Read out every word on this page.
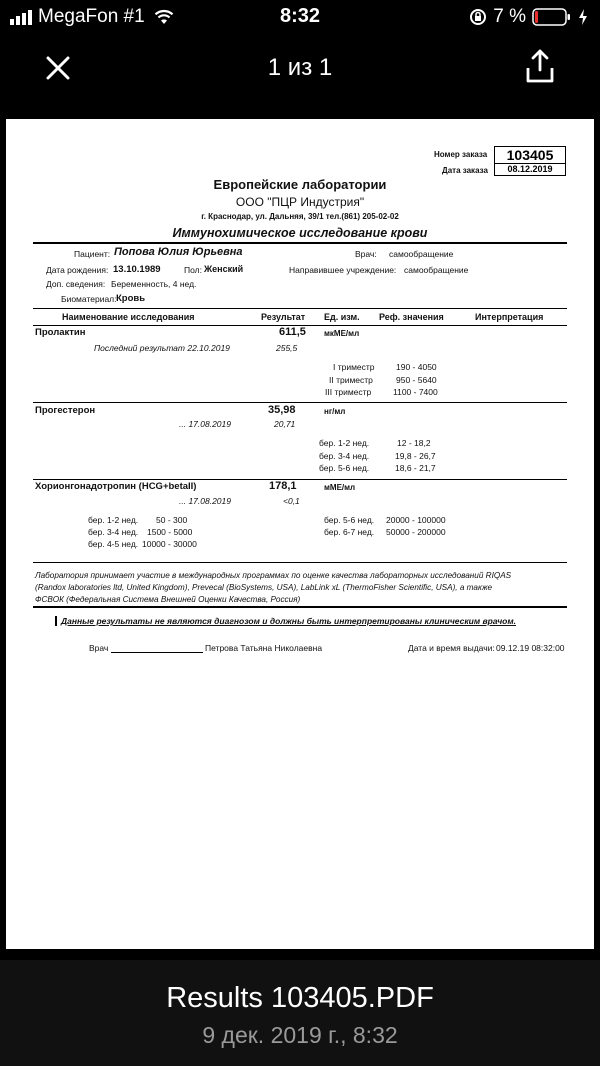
MegaFon #1	8:32	7 %
1 из 1
Номер заказа	103405
Дата заказа	08.12.2019
Европейские лаборатории
ООО "ПЦР Индустрия"
г. Краснодар, ул. Дальняя, 39/1 тел.(861) 205-02-02
Иммунохимическое исследование крови
Пациент: Попова Юлия Юрьевна	Врач: самообращение
Дата рождения: 13.10.1989	Пол: Женский	Направившее учреждение: самообращение
Доп. сведения: Беременность, 4 нед.
Биоматериал: Кровь
Наименование исследования	Результат Ед. изм. Реф. значения	Интерпретация
Пролактин	611,5 мкМЕ/мл
Последний результат 22.10.2019	255,5
I триместр	190 - 4050
II триместр	950 - 5640
III триместр	1100 - 7400
Прогестерон	35,98	нг/мл
... 17.08.2019	20,71
бер. 1-2 нед.	12 - 18,2
бер. 3-4 нед.	19,8 - 26,7
бер. 5-6 нед.	18,6 - 21,7
Хорионгонадотропин (HCG+betaII)	178,1	мМЕ/мл
... 17.08.2019	<0,1
бер. 1-2 нед. 50 - 300
бер. 3-4 нед. 1500 - 5000
бер. 4-5 нед. 10000 - 30000
бер. 5-6 нед. 20000 - 100000
бер. 6-7 нед. 50000 - 200000
Лаборатория принимает участие в международных программах по оценке качества лабораторных исследований RIQAS
(Randox laboratories ltd, United Kingdom), Prevecal (BioSystems, USA), LabLink xL (ThermoFisher Scientific, USA), а также
ФСВОК (Федеральная Система Внешней Оценки Качества, Россия)
Данные результаты не являются диагнозом и должны быть интерпретированы клиническим врачом.
Врач	Петрова Татьяна Николаевна	Дата и время выдачи: 09.12.19 08:32:00
Results 103405.PDF
9 дек. 2019 г., 8:32
